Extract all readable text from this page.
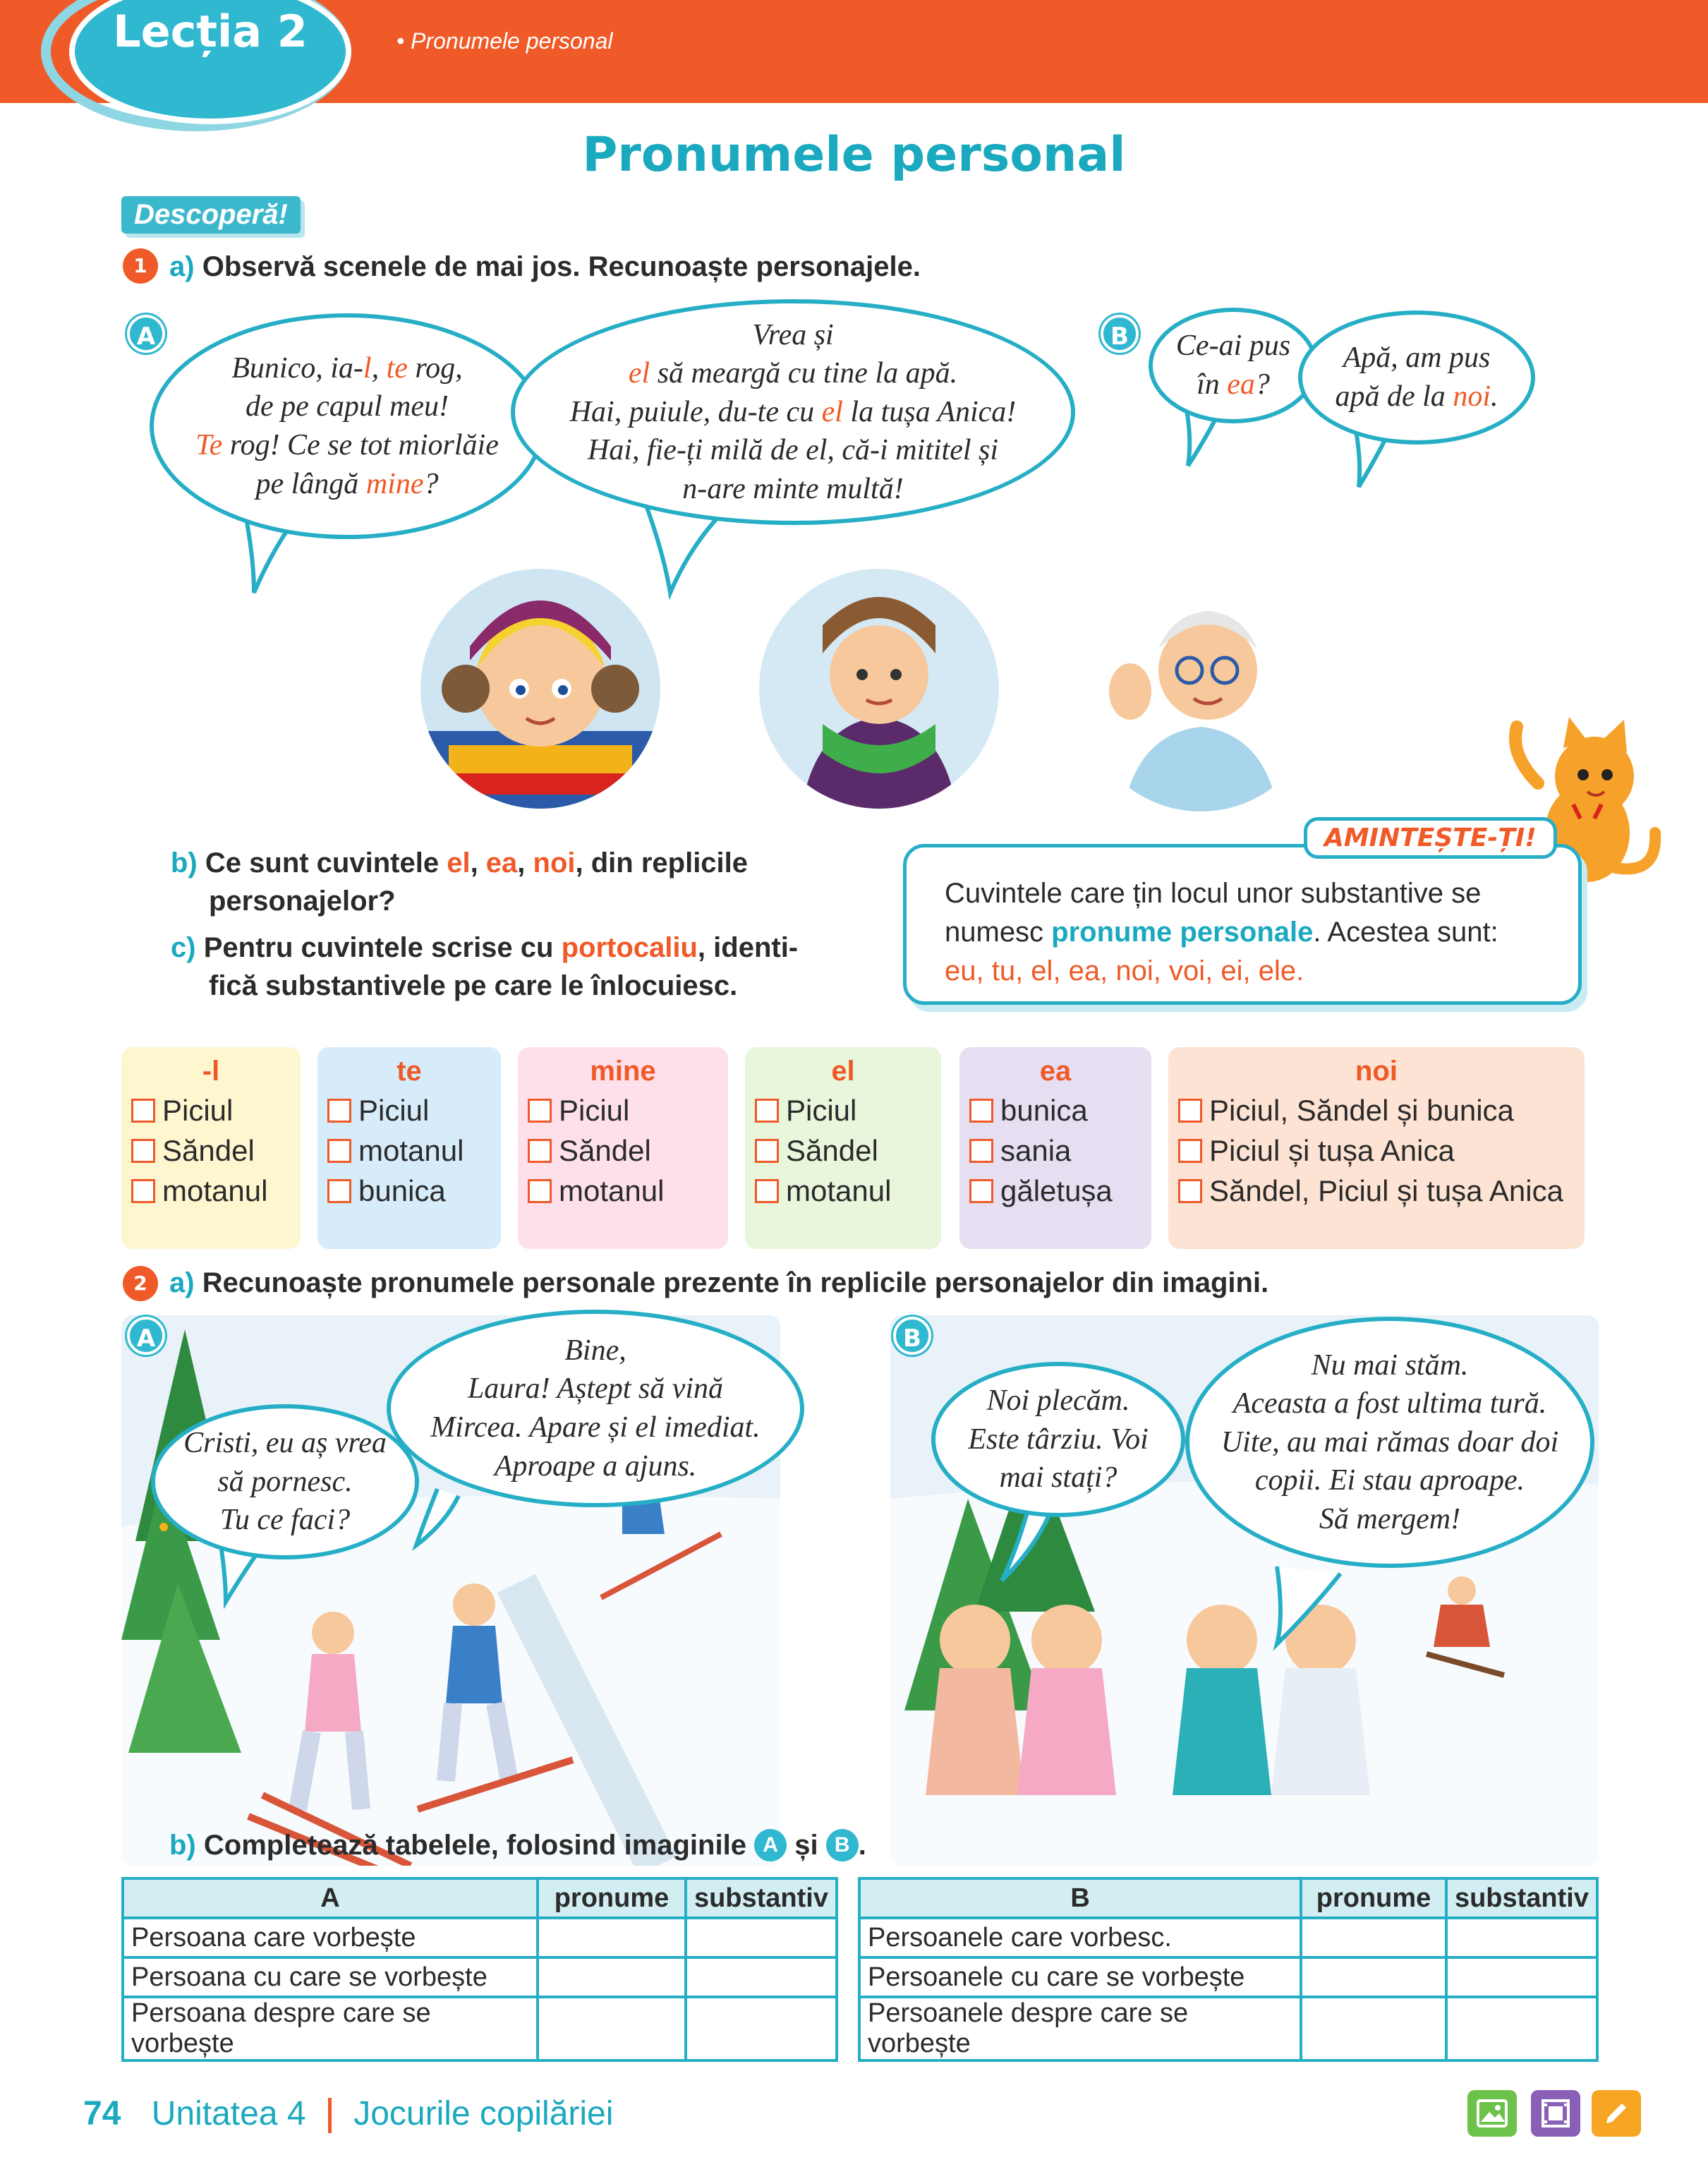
Lecția 2	• Pronumele personal
Pronumele personal
Descoperă!
1 a) Observă scenele de mai jos. Recunoaște personajele.
A	B
Bunico, ia-l, te rog,
de pe capul meu!
Te rog! Ce se tot miorlăie
pe lângă mine?
Vrea și
el să meargă cu tine la apă.
Hai, puiule, du-te cu el la tușa Anica!
Hai, fie-ți milă de el, că-i mititel și
n-are minte multă!
Ce-ai pus
în ea?
Apă, am pus
apă de la noi.
b) Ce sunt cuvintele el, ea, noi, din replicile
personajelor?
c) Pentru cuvintele scrise cu portocaliu, identi-
fică substantivele pe care le înlocuiesc.
Cuvintele care țin locul unor substantive se
numesc pronume personale. Acestea sunt:
eu, tu, el, ea, noi, voi, ei, ele.
AMINTEȘTE-ȚI!
-l
Piciul
Săndel
motanul
te
Piciul
motanul
bunica
mine
Piciul
Săndel
motanul
el
Piciul
Săndel
motanul
ea
bunica
sania
găletușa
noi
Piciul, Săndel și bunica
Piciul și tușa Anica
Săndel, Piciul și tușa Anica
2 a) Recunoaște pronumele personale prezente în replicile personajelor din imagini.
A	B
Cristi, eu aș vrea
să pornesc.
Tu ce faci?
Bine,
Laura! Aștept să vină
Mircea. Apare și el imediat.
Aproape a ajuns.
Noi plecăm.
Este târziu. Voi
mai stați?
Nu mai stăm.
Aceasta a fost ultima tură.
Uite, au mai rămas doar doi
copii. Ei stau aproape.
Să mergem!
b)
Completează tabelele, folosind imaginile
A
și
B .
A	pronume	substantiv
Persoana care vorbește		
Persoana cu care se vorbește		
Persoana despre care se vorbește		
B	pronume	substantiv
Persoanele care vorbesc.		
Persoanele cu care se vorbește		
Persoanele despre care se vorbește		
74 Unitatea 4 Jocurile copilăriei
